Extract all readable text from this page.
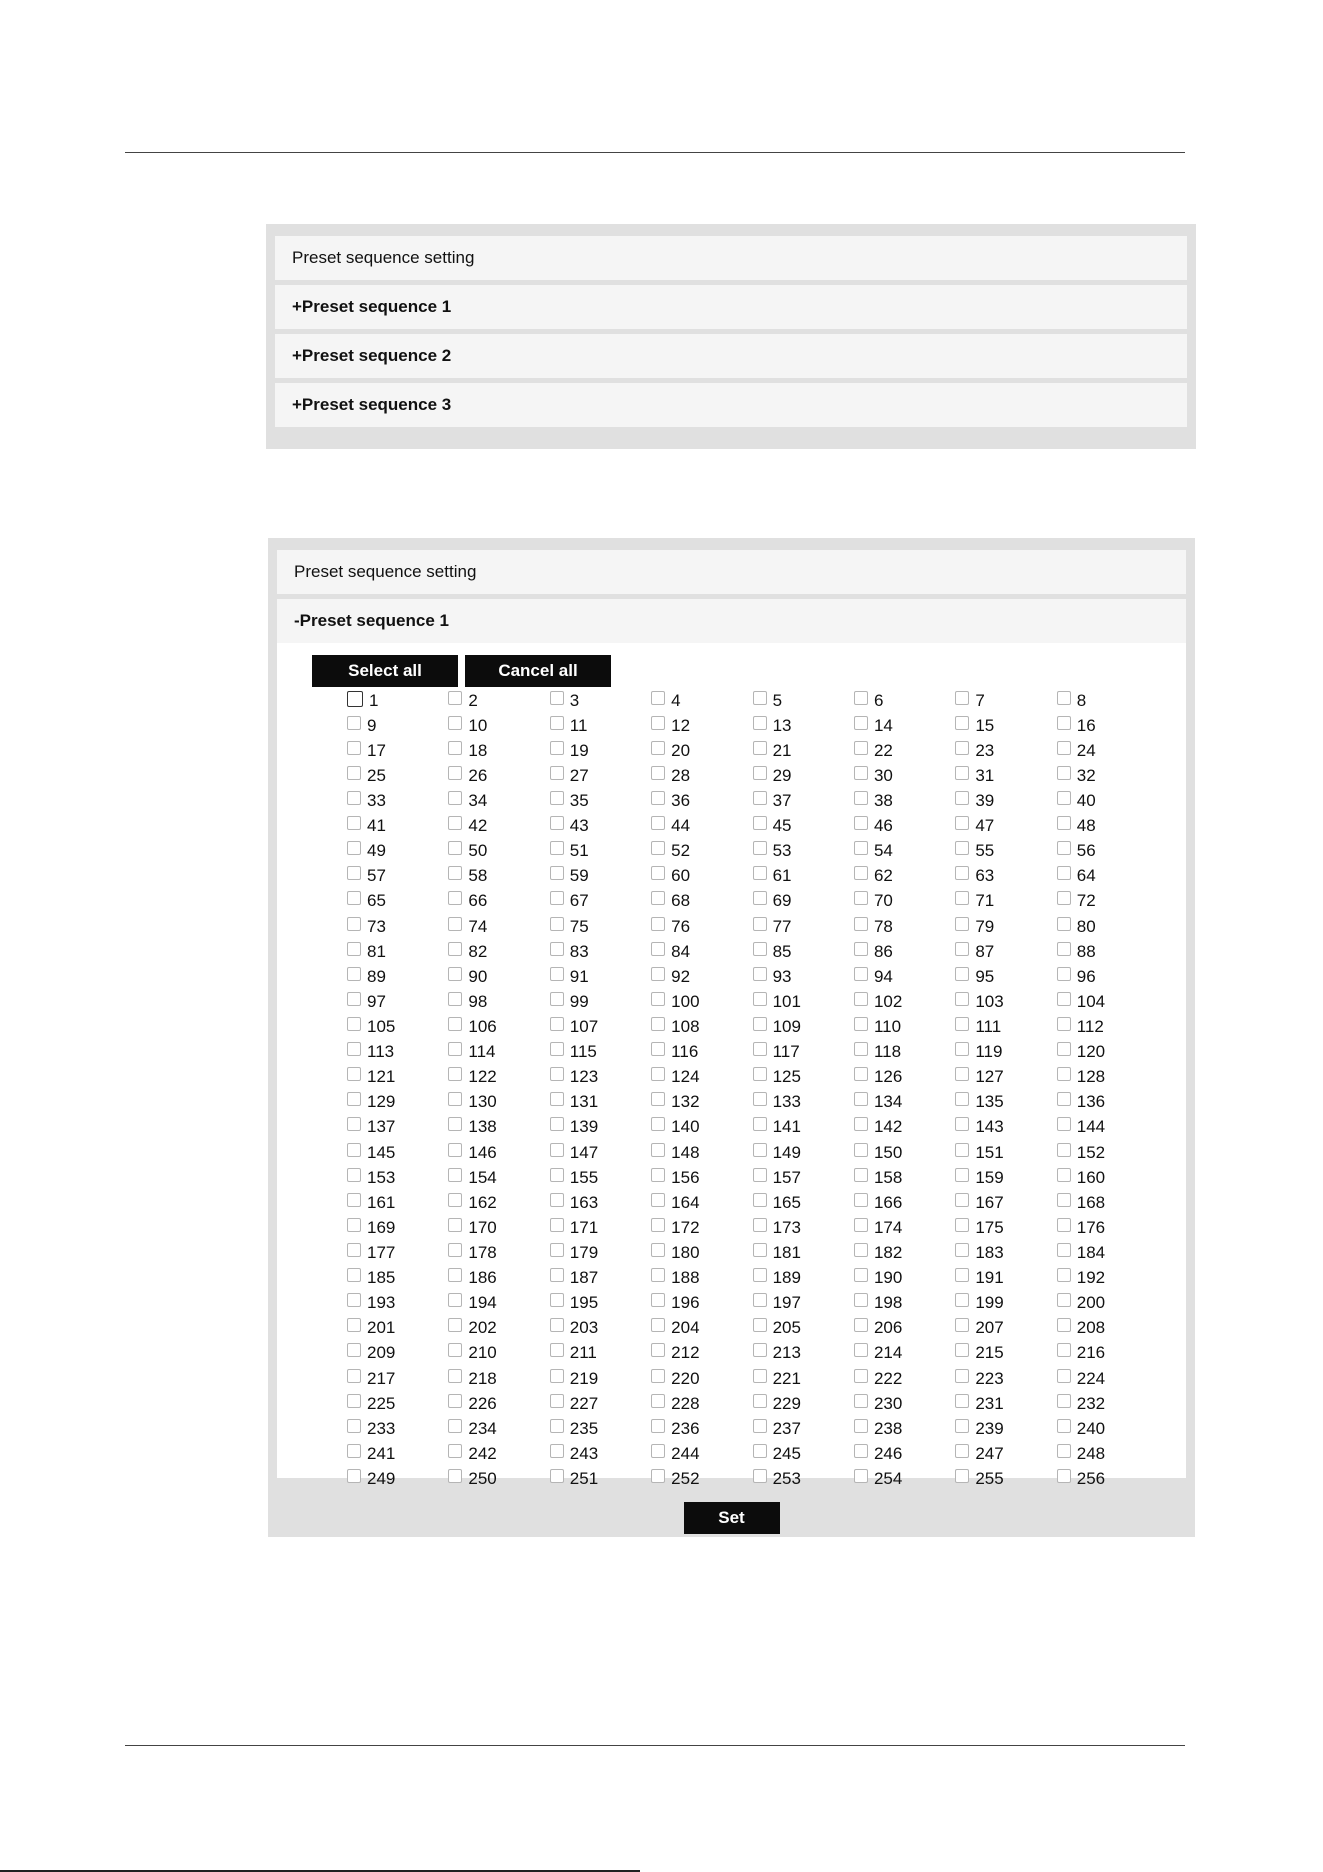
Preset sequence setting
+Preset sequence 1
+Preset sequence 2
+Preset sequence 3
Preset sequence setting
-Preset sequence 1
Select all	Cancel all
1	2	3	4	5	6	7	8
9	10	11	12	13	14	15	16
17	18	19	20	21	22	23	24
25	26	27	28	29	30	31	32
33	34	35	36	37	38	39	40
41	42	43	44	45	46	47	48
49	50	51	52	53	54	55	56
57	58	59	60	61	62	63	64
65	66	67	68	69	70	71	72
73	74	75	76	77	78	79	80
81	82	83	84	85	86	87	88
89	90	91	92	93	94	95	96
97	98	99	100	101	102	103	104
105	106	107	108	109	110	111	112
113	114	115	116	117	118	119	120
121	122	123	124	125	126	127	128
129	130	131	132	133	134	135	136
137	138	139	140	141	142	143	144
145	146	147	148	149	150	151	152
153	154	155	156	157	158	159	160
161	162	163	164	165	166	167	168
169	170	171	172	173	174	175	176
177	178	179	180	181	182	183	184
185	186	187	188	189	190	191	192
193	194	195	196	197	198	199	200
201	202	203	204	205	206	207	208
209	210	211	212	213	214	215	216
217	218	219	220	221	222	223	224
225	226	227	228	229	230	231	232
233	234	235	236	237	238	239	240
241	242	243	244	245	246	247	248
249	250	251	252	253	254	255	256
Set
